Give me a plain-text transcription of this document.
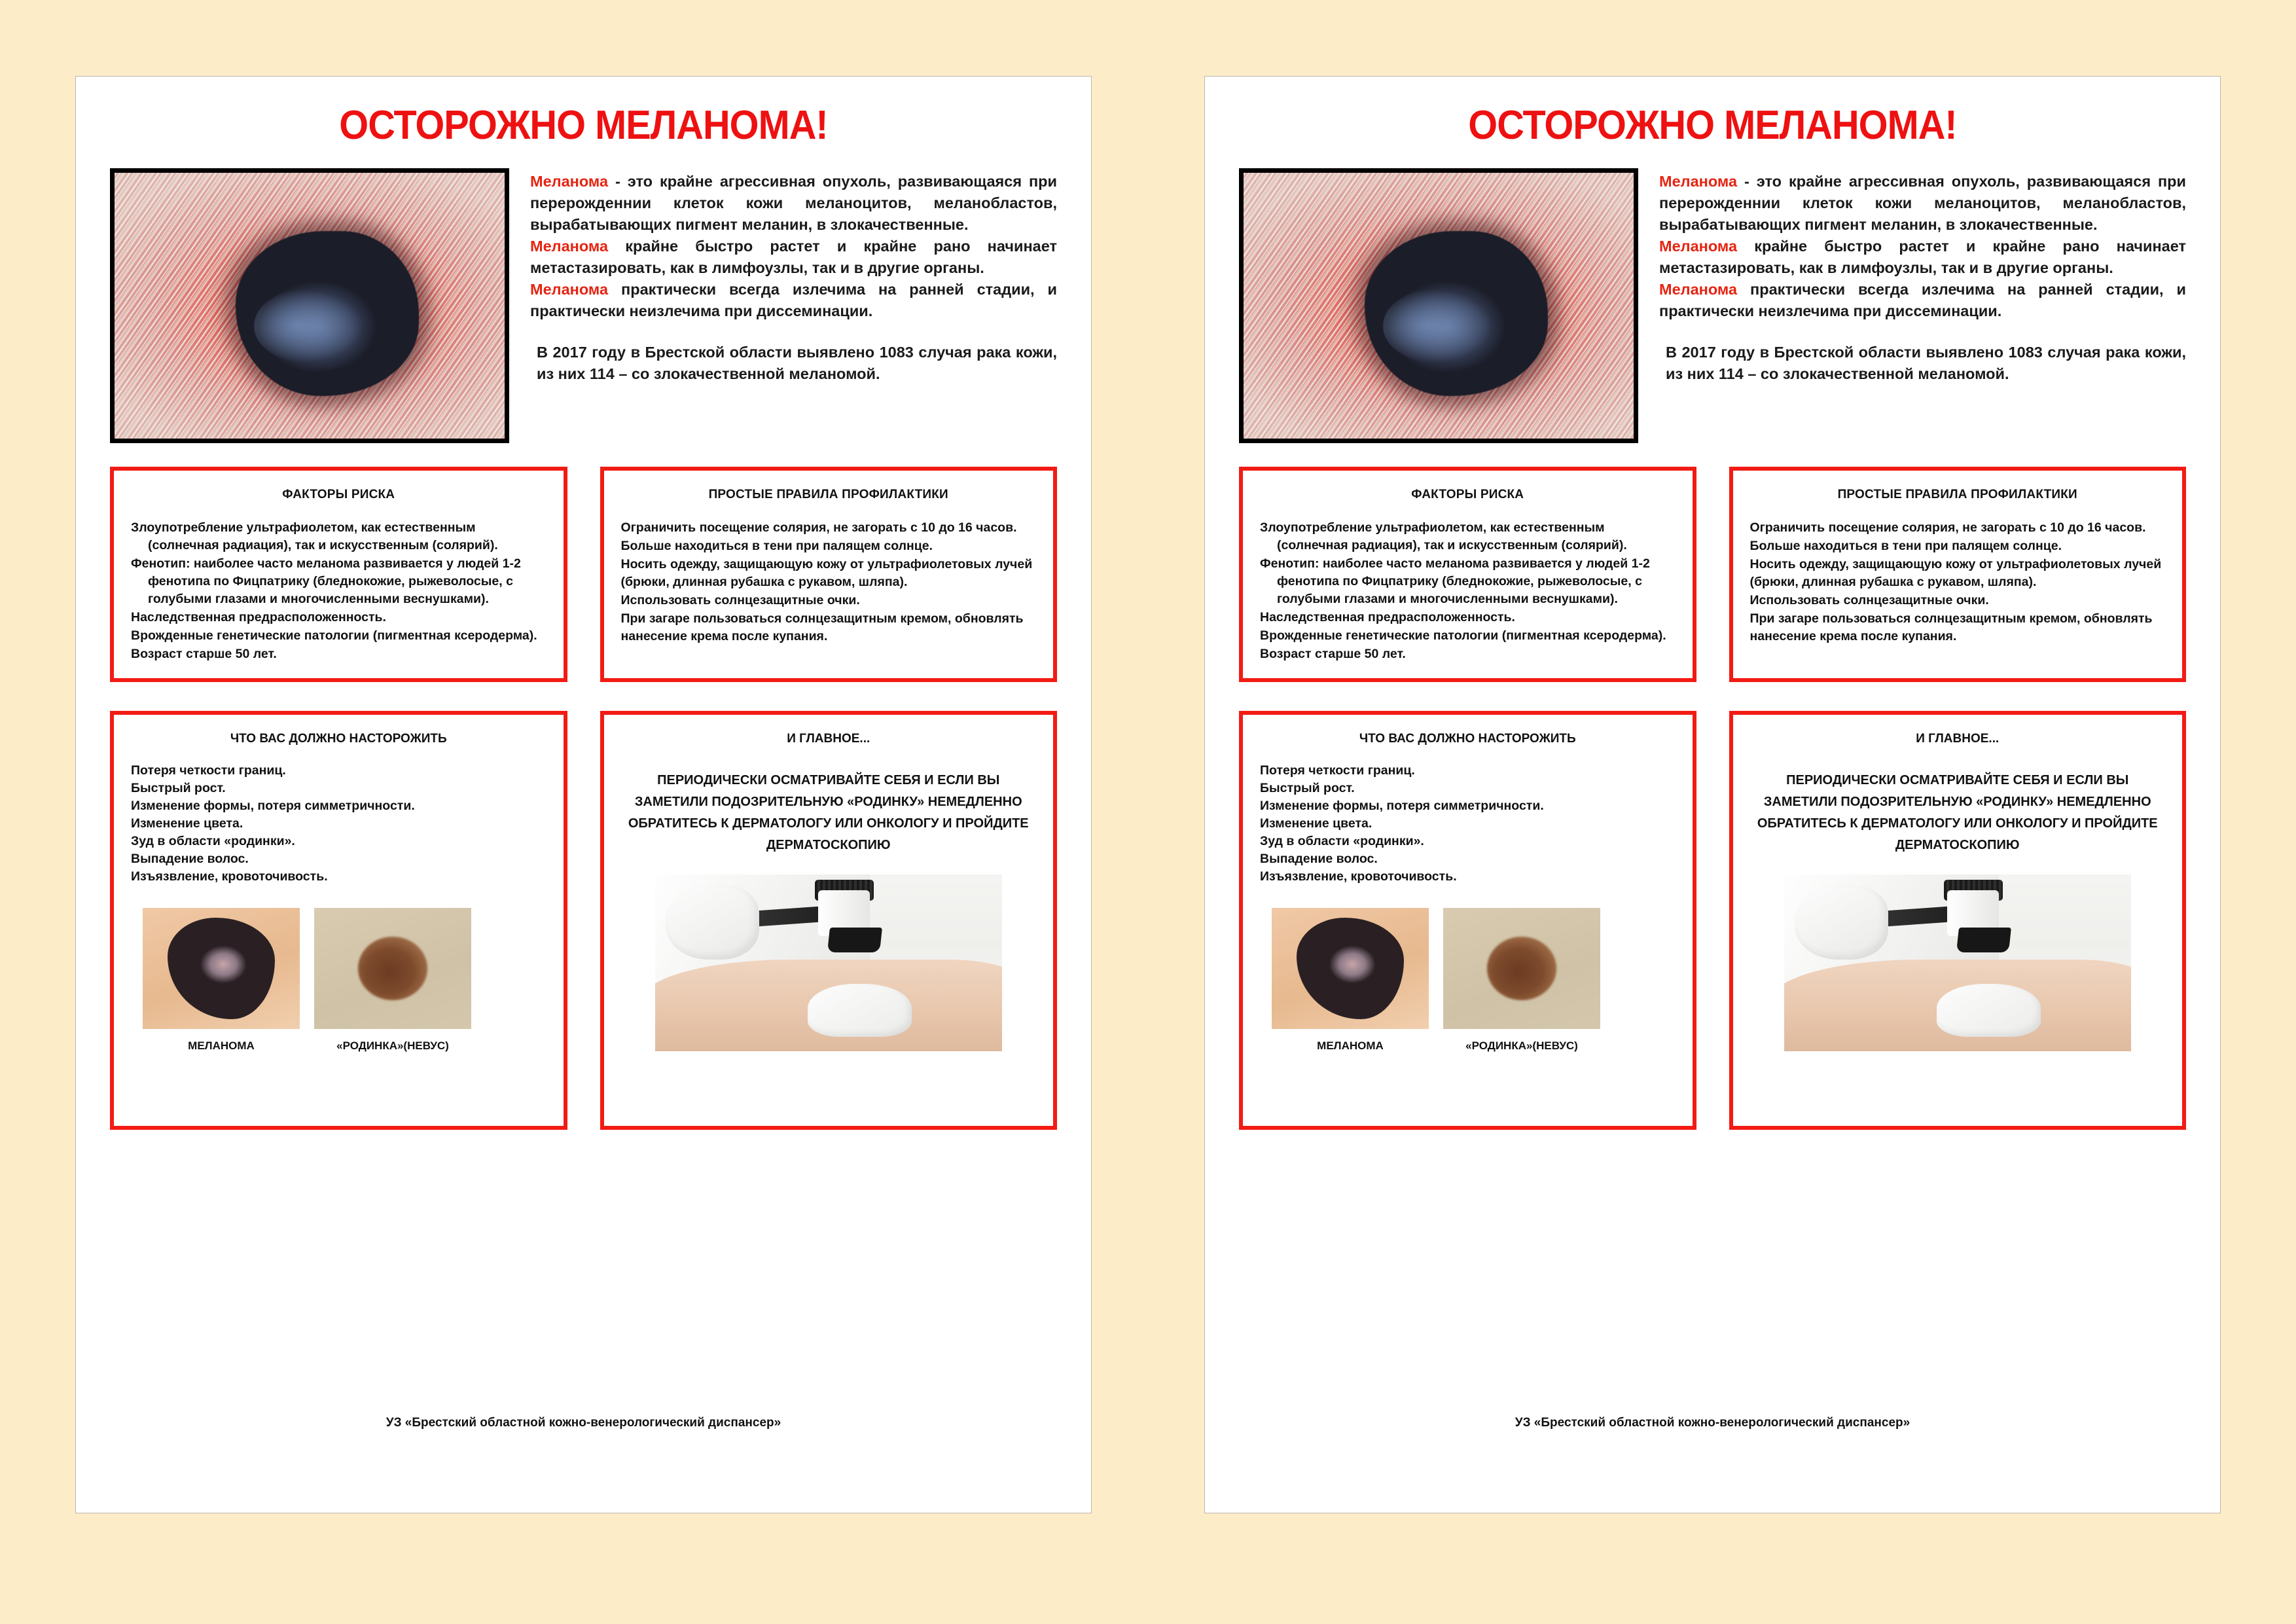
ОСТОРОЖНО МЕЛАНОМА!

Меланома - это крайне агрессивная опухоль, развивающаяся при перерожденнии клеток кожи меланоцитов, меланобластов, вырабатывающих пигмент меланин, в злокачественные.

Меланома крайне быстро растет и крайне рано начинает метастазировать, как в лимфоузлы, так и в другие органы.

Меланома практически всегда излечима на ранней стадии, и практически неизлечима при диссеминации.

В 2017 году в Брестской области выявлено 1083 случая рака кожи, из них 114 – со злокачественной меланомой.

ФАКТОРЫ РИСКА
Злоупотребление ультрафиолетом, как естественным (солнечная радиация), так и искусственным (солярий).
Фенотип: наиболее часто меланома развивается у людей 1-2 фенотипа по Фицпатрику (бледнокожие, рыжеволосые, с голубыми глазами и многочисленными веснушками).
Наследственная предрасположенность.
Врожденные генетические патологии (пигментная ксеродерма).
Возраст старше 50 лет.
ПРОСТЫЕ ПРАВИЛА ПРОФИЛАКТИКИ
Ограничить посещение солярия, не загорать с 10 до 16 часов.
Больше находиться в тени при палящем солнце.
Носить одежду, защищающую кожу от ультрафиолетовых лучей (брюки, длинная рубашка с рукавом, шляпа).
Использовать солнцезащитные очки.
При загаре пользоваться солнцезащитным кремом, обновлять нанесение крема после купания.
ЧТО ВАС ДОЛЖНО НАСТОРОЖИТЬ
Потеря четкости границ.
Быстрый рост.
Изменение формы, потеря симметричности.
Изменение цвета.
Зуд в области «родинки».
Выпадение волос.
Изъязвление, кровоточивость.
МЕЛАНОМА	«РОДИНКА»(НЕВУС)
И ГЛАВНОЕ...
ПЕРИОДИЧЕСКИ ОСМАТРИВАЙТЕ СЕБЯ И ЕСЛИ ВЫ ЗАМЕТИЛИ ПОДОЗРИТЕЛЬНУЮ «РОДИНКУ» НЕМЕДЛЕННО ОБРАТИТЕСЬ К ДЕРМАТОЛОГУ ИЛИ ОНКОЛОГУ И ПРОЙДИТЕ ДЕРМАТОСКОПИЮ
УЗ «Брестский областной кожно-венерологический диспансер»
ОСТОРОЖНО МЕЛАНОМА!

Меланома - это крайне агрессивная опухоль, развивающаяся при перерожденнии клеток кожи меланоцитов, меланобластов, вырабатывающих пигмент меланин, в злокачественные.

Меланома крайне быстро растет и крайне рано начинает метастазировать, как в лимфоузлы, так и в другие органы.

Меланома практически всегда излечима на ранней стадии, и практически неизлечима при диссеминации.

В 2017 году в Брестской области выявлено 1083 случая рака кожи, из них 114 – со злокачественной меланомой.

ФАКТОРЫ РИСКА
Злоупотребление ультрафиолетом, как естественным (солнечная радиация), так и искусственным (солярий).
Фенотип: наиболее часто меланома развивается у людей 1-2 фенотипа по Фицпатрику (бледнокожие, рыжеволосые, с голубыми глазами и многочисленными веснушками).
Наследственная предрасположенность.
Врожденные генетические патологии (пигментная ксеродерма).
Возраст старше 50 лет.
ПРОСТЫЕ ПРАВИЛА ПРОФИЛАКТИКИ
Ограничить посещение солярия, не загорать с 10 до 16 часов.
Больше находиться в тени при палящем солнце.
Носить одежду, защищающую кожу от ультрафиолетовых лучей (брюки, длинная рубашка с рукавом, шляпа).
Использовать солнцезащитные очки.
При загаре пользоваться солнцезащитным кремом, обновлять нанесение крема после купания.
ЧТО ВАС ДОЛЖНО НАСТОРОЖИТЬ
Потеря четкости границ.
Быстрый рост.
Изменение формы, потеря симметричности.
Изменение цвета.
Зуд в области «родинки».
Выпадение волос.
Изъязвление, кровоточивость.
МЕЛАНОМА	«РОДИНКА»(НЕВУС)
И ГЛАВНОЕ...
ПЕРИОДИЧЕСКИ ОСМАТРИВАЙТЕ СЕБЯ И ЕСЛИ ВЫ ЗАМЕТИЛИ ПОДОЗРИТЕЛЬНУЮ «РОДИНКУ» НЕМЕДЛЕННО ОБРАТИТЕСЬ К ДЕРМАТОЛОГУ ИЛИ ОНКОЛОГУ И ПРОЙДИТЕ ДЕРМАТОСКОПИЮ
УЗ «Брестский областной кожно-венерологический диспансер»
